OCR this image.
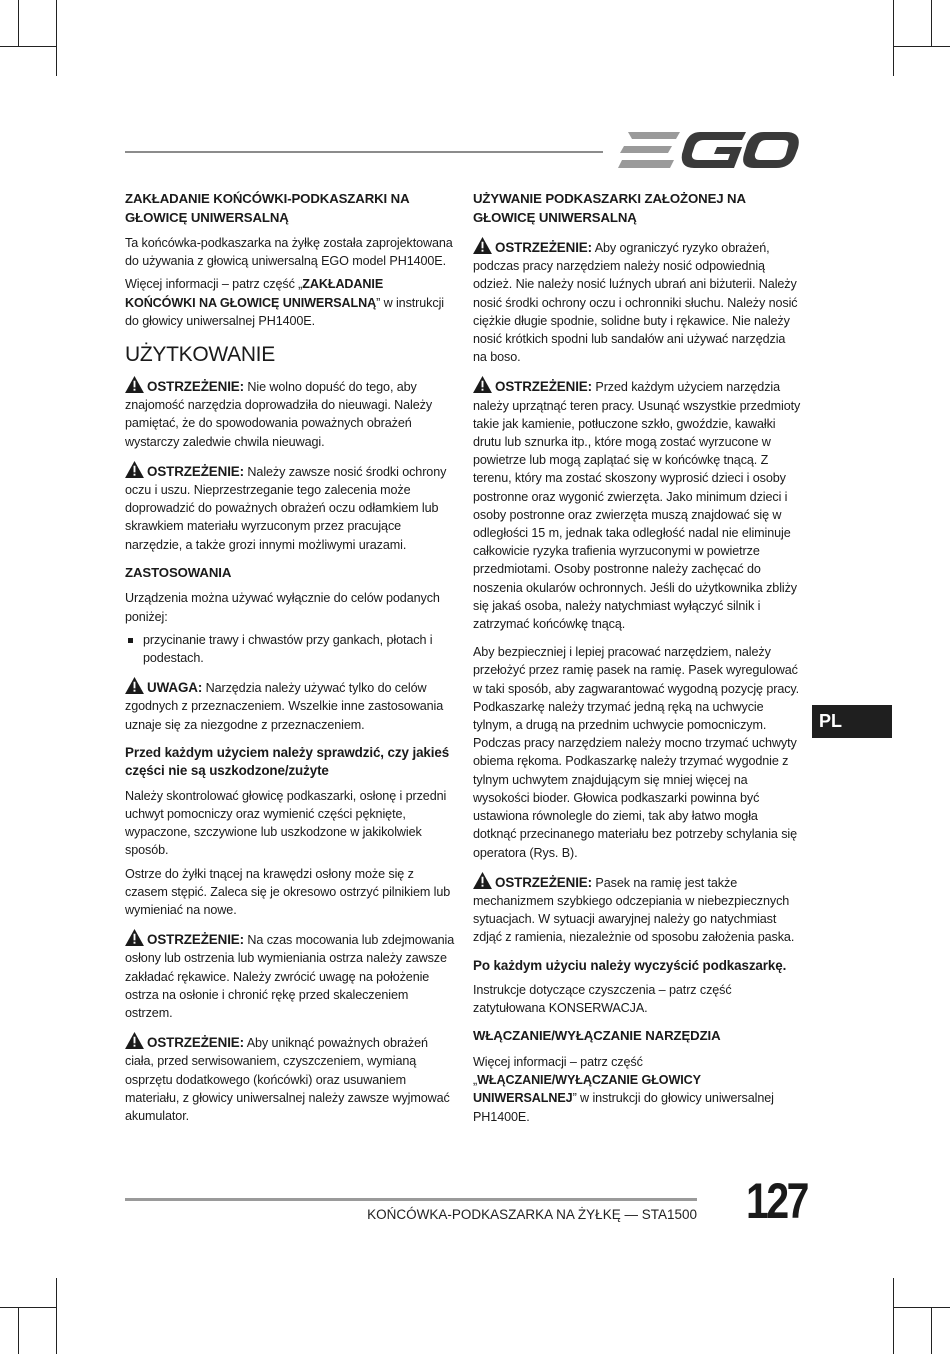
ZAKŁADANIE KOŃCÓWKI-PODKASZARKI NA GŁOWICĘ UNIWERSALNĄ

Ta końcówka-podkaszarka na żyłkę została zaprojektowana do używania z głowicą uniwersalną EGO model PH1400E.

Więcej informacji – patrz część „ZAKŁADANIE KOŃCÓWKI NA GŁOWICĘ UNIWERSALNĄ” w instrukcji do głowicy uniwersalnej PH1400E.

UŻYTKOWANIE

OSTRZEŻENIE: Nie wolno dopuść do tego, aby znajomość narzędzia doprowadziła do nieuwagi. Należy pamiętać, że do spowodowania poważnych obrażeń wystarczy zaledwie chwila nieuwagi.

OSTRZEŻENIE: Należy zawsze nosić środki ochrony oczu i uszu. Nieprzestrzeganie tego zalecenia może doprowadzić do poważnych obrażeń oczu odłamkiem lub skrawkiem materiału wyrzuconym przez pracujące narzędzie, a także grozi innymi możliwymi urazami.

ZASTOSOWANIA

Urządzenia można używać wyłącznie do celów podanych poniżej:

przycinanie trawy i chwastów przy gankach, płotach i podestach.

UWAGA: Narzędzia należy używać tylko do celów zgodnych z przeznaczeniem. Wszelkie inne zastosowania uznaje się za niezgodne z przeznaczeniem.

Przed każdym użyciem należy sprawdzić, czy jakieś części nie są uszkodzone/zużyte

Należy skontrolować głowicę podkaszarki, osłonę i przedni uchwyt pomocniczy oraz wymienić części pęknięte, wypaczone, szczywione lub uszkodzone w jakikolwiek sposób.

Ostrze do żyłki tnącej na krawędzi osłony może się z czasem stępić. Zaleca się je okresowo ostrzyć pilnikiem lub wymieniać na nowe.

OSTRZEŻENIE: Na czas mocowania lub zdejmowania osłony lub ostrzenia lub wymieniania ostrza należy zawsze zakładać rękawice. Należy zwrócić uwagę na położenie ostrza na osłonie i chronić rękę przed skaleczeniem ostrzem.

OSTRZEŻENIE: Aby uniknąć poważnych obrażeń ciała, przed serwisowaniem, czyszczeniem, wymianą osprzętu dodatkowego (końcówki) oraz usuwaniem materiału, z głowicy uniwersalnej należy zawsze wyjmować akumulator.

UŻYWANIE PODKASZARKI ZAŁOŻONEJ NA GŁOWICĘ UNIWERSALNĄ

OSTRZEŻENIE: Aby ograniczyć ryzyko obrażeń, podczas pracy narzędziem należy nosić odpowiednią odzież. Nie należy nosić luźnych ubrań ani biżuterii. Należy nosić środki ochrony oczu i ochronniki słuchu. Należy nosić ciężkie długie spodnie, solidne buty i rękawice. Nie należy nosić krótkich spodni lub sandałów ani używać narzędzia na boso.

OSTRZEŻENIE: Przed każdym użyciem narzędzia należy uprzątnąć teren pracy. Usunąć wszystkie przedmioty takie jak kamienie, potłuczone szkło, gwoździe, kawałki drutu lub sznurka itp., które mogą zostać wyrzucone w powietrze lub mogą zaplątać się w końcówkę tnącą. Z terenu, który ma zostać skoszony wyprosić dzieci i osoby postronne oraz wygonić zwierzęta. Jako minimum dzieci i osoby postronne oraz zwierzęta muszą znajdować się w odległości 15 m, jednak taka odległość nadal nie eliminuje całkowicie ryzyka trafienia wyrzuconymi w powietrze przedmiotami. Osoby postronne należy zachęcać do noszenia okularów ochronnych. Jeśli do użytkownika zbliży się jakaś osoba, należy natychmiast wyłączyć silnik i zatrzymać końcówkę tnącą.

Aby bezpieczniej i lepiej pracować narzędziem, należy przełożyć przez ramię pasek na ramię. Pasek wyregulować w taki sposób, aby zagwarantować wygodną pozycję pracy. Podkaszarkę należy trzymać jedną ręką na uchwycie tylnym, a drugą na przednim uchwycie pomocniczym. Podczas pracy narzędziem należy mocno trzymać uchwyty obiema rękoma. Podkaszarkę należy trzymać wygodnie z tylnym uchwytem znajdującym się mniej więcej na wysokości bioder. Głowica podkaszarki powinna być ustawiona równolegle do ziemi, tak aby łatwo mogła dotknąć przecinanego materiału bez potrzeby schylania się operatora (Rys. B).

OSTRZEŻENIE: Pasek na ramię jest także mechanizmem szybkiego odczepiania w niebezpiecznych sytuacjach. W sytuacji awaryjnej należy go natychmiast zdjąć z ramienia, niezależnie od sposobu założenia paska.

Po każdym użyciu należy wyczyścić podkaszarkę.

Instrukcje dotyczące czyszczenia – patrz część zatytułowana KONSERWACJA.

WŁĄCZANIE/WYŁĄCZANIE NARZĘDZIA

Więcej informacji – patrz część „WŁĄCZANIE/WYŁĄCZANIE GŁOWICY UNIWERSALNEJ” w instrukcji do głowicy uniwersalnej PH1400E.

PL
KOŃCÓWKA-PODKASZARKA NA ŻYŁKĘ — STA1500 127
